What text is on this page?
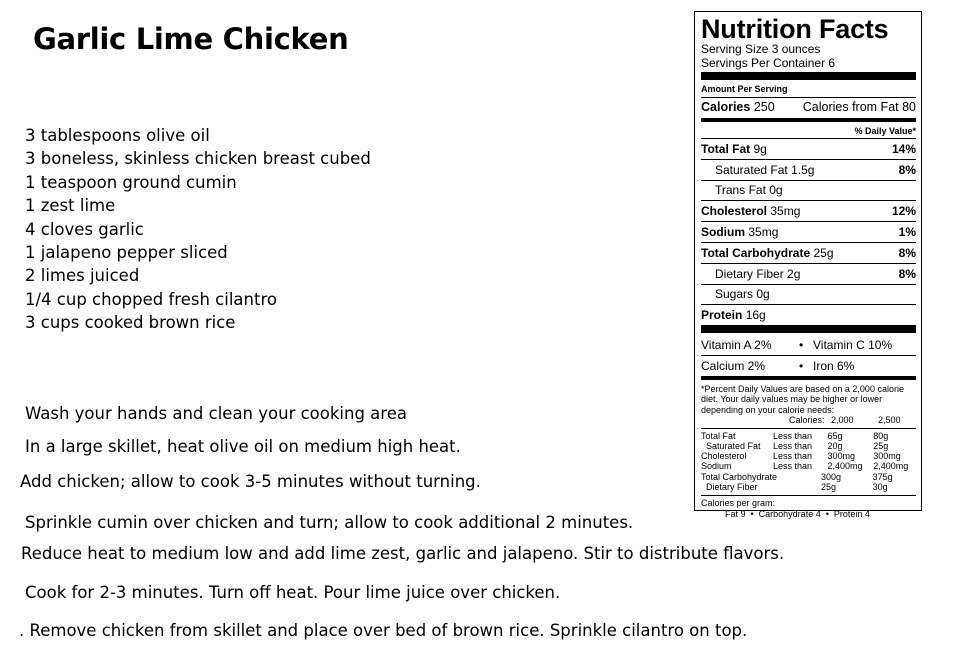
Garlic Lime Chicken
3 tablespoons olive oil
3 boneless, skinless chicken breast cubed
1 teaspoon ground cumin
1 zest lime
4 cloves garlic
1 jalapeno pepper sliced
2 limes juiced
1/4 cup chopped fresh cilantro
3 cups cooked brown rice
Wash your hands and clean your cooking area
In a large skillet, heat olive oil on medium high heat.
Add chicken; allow to cook 3-5 minutes without turning.
Sprinkle cumin over chicken and turn; allow to cook additional 2 minutes.
Reduce heat to medium low and add lime zest, garlic and jalapeno. Stir to distribute flavors.
Cook for 2-3 minutes. Turn off heat. Pour lime juice over chicken.
. Remove chicken from skillet and place over bed of brown rice. Sprinkle cilantro on top.
Nutrition Facts
Serving Size 3 ounces
Servings Per Container 6
Amount Per Serving
Calories 250 Calories from Fat 80
% Daily Value*
Total Fat 9g	14%
Saturated Fat 1.5g	8%
Trans Fat 0g
Cholesterol 35mg	12%
Sodium 35mg	1%
Total Carbohydrate 25g	8%
Dietary Fiber 2g	8%
Sugars 0g
Protein 16g
Vitamin A 2%	• Vitamin C 10%
Calcium 2%	• Iron 6%
*Percent Daily Values are based on a 2,000 calorie diet. Your daily values may be higher or lower depending on your calorie needs:
Calories: 2,000	2,500
Total Fat	Less than	65g	80g
Saturated Fat	Less than	20g	25g
Cholesterol	Less than	300mg	300mg
Sodium	Less than	2,400mg	2,400mg
Total Carbohydrate	300g	375g
Dietary Fiber	25g	30g
Calories per gram:
Fat 9  •  Carbohydrate 4  •  Protein 4
